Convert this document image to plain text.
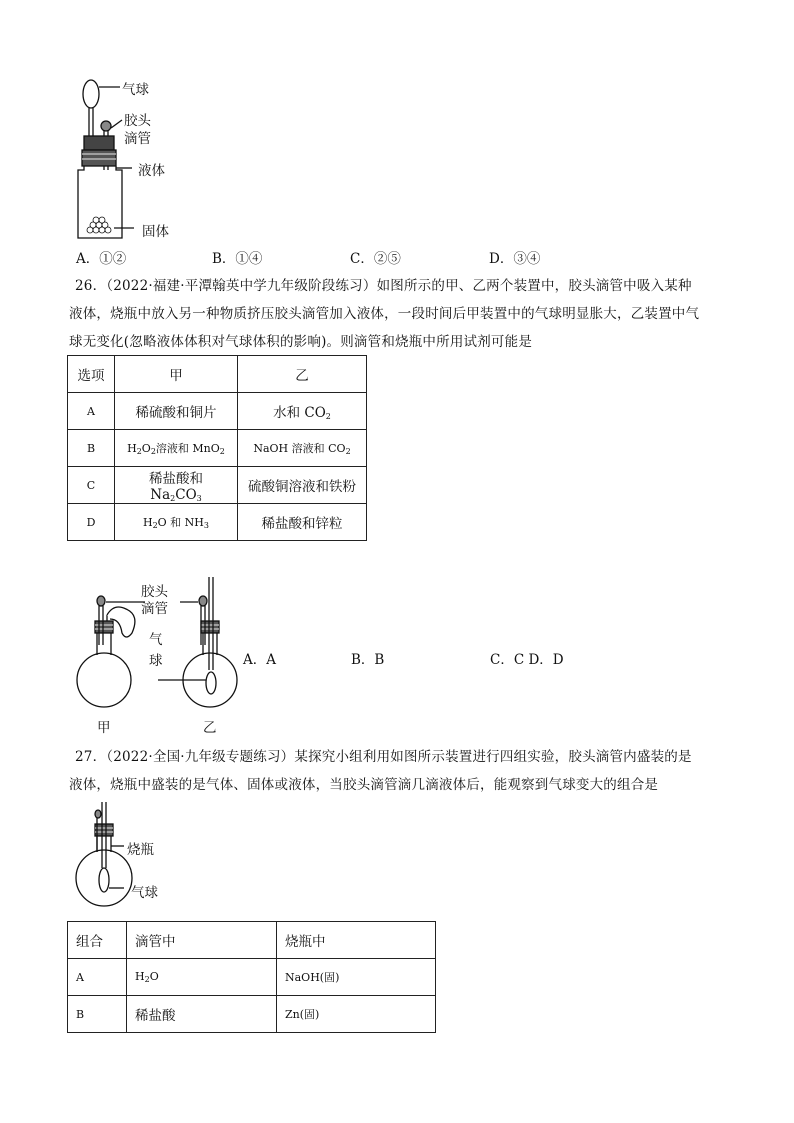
气球
胶头
滴管
液体
固体
A．①②	B．①④	C．②⑤	D．③④
26．（2022·福建·平潭翰英中学九年级阶段练习）如图所示的甲、乙两个装置中，胶头滴管中吸入某种
液体，烧瓶中放入另一种物质挤压胶头滴管加入液体，一段时间后甲装置中的气球明显胀大，乙装置中气
球无变化(忽略液体体积对气球体积的影响)。则滴管和烧瓶中所用试剂可能是
选项	甲	乙
A	稀硫酸和铜片	水和 $CO_2$
B	$H_2O_2$溶液和 MnO$_2$	NaOH 溶液和 $CO_2$
C	稀盐酸和 $Na_2CO_3$	硫酸铜溶液和铁粉
D	$H_2O$ 和 $NH_3$	稀盐酸和锌粒
胶头
滴管
气
球
甲	乙
A．A	B．B	C．C D．D
27．（2022·全国·九年级专题练习）某探究小组利用如图所示装置进行四组实验，胶头滴管内盛装的是
液体，烧瓶中盛装的是气体、固体或液体，当胶头滴管滴几滴液体后，能观察到气球变大的组合是
烧瓶
气球
组合	滴管中	烧瓶中
A	$H_2O$	NaOH(固)
B	稀盐酸	Zn(固)
